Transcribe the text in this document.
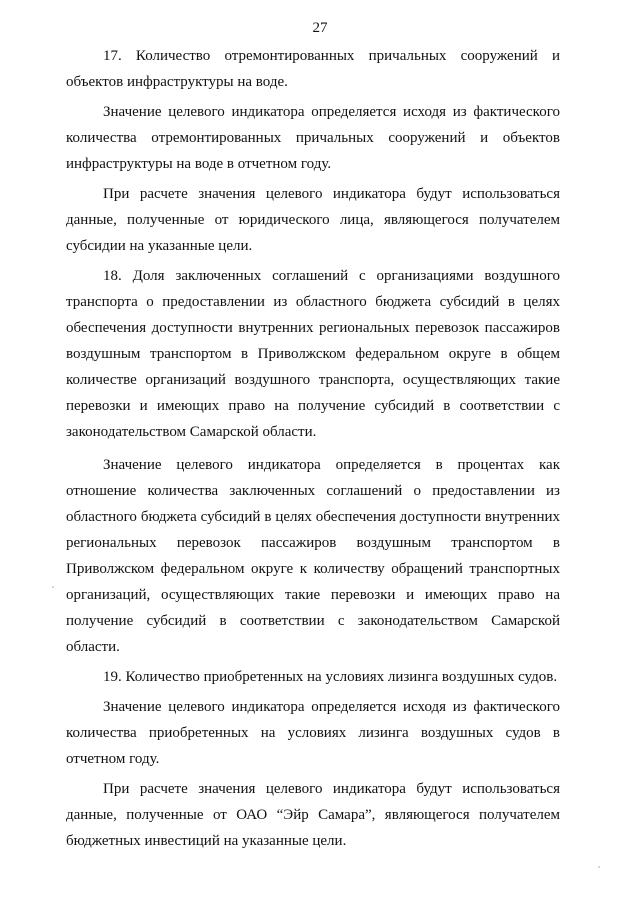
27

17. Количество отремонтированных причальных сооружений и объектов инфраструктуры на воде.

Значение целевого индикатора определяется исходя из фактического количества отремонтированных причальных сооружений и объектов инфраструктуры на воде в отчетном году.

При расчете значения целевого индикатора будут использоваться данные, полученные от юридического лица, являющегося получателем субсидии на указанные цели.

18. Доля заключенных соглашений с организациями воздушного транспорта о предоставлении из областного бюджета субсидий в целях обеспечения доступности внутренних региональных перевозок пассажиров воздушным транспортом в Приволжском федеральном округе в общем количестве организаций воздушного транспорта, осуществляющих такие перевозки и имеющих право на получение субсидий в соответствии с законодательством Самарской области.

Значение целевого индикатора определяется в процентах как отношение количества заключенных соглашений о предоставлении из областного бюджета субсидий в целях обеспечения доступности внутренних региональных перевозок пассажиров воздушным транспортом в Приволжском федеральном округе к количеству обращений транспортных организаций, осуществляющих такие перевозки и имеющих право на получение субсидий в соответствии с законодательством Самарской области.

19. Количество приобретенных на условиях лизинга воздушных судов.

Значение целевого индикатора определяется исходя из фактического количества приобретенных на условиях лизинга воздушных судов в отчетном году.

При расчете значения целевого индикатора будут использоваться данные, полученные от ОАО “Эйр Самара”, являющегося получателем бюджетных инвестиций на указанные цели.
